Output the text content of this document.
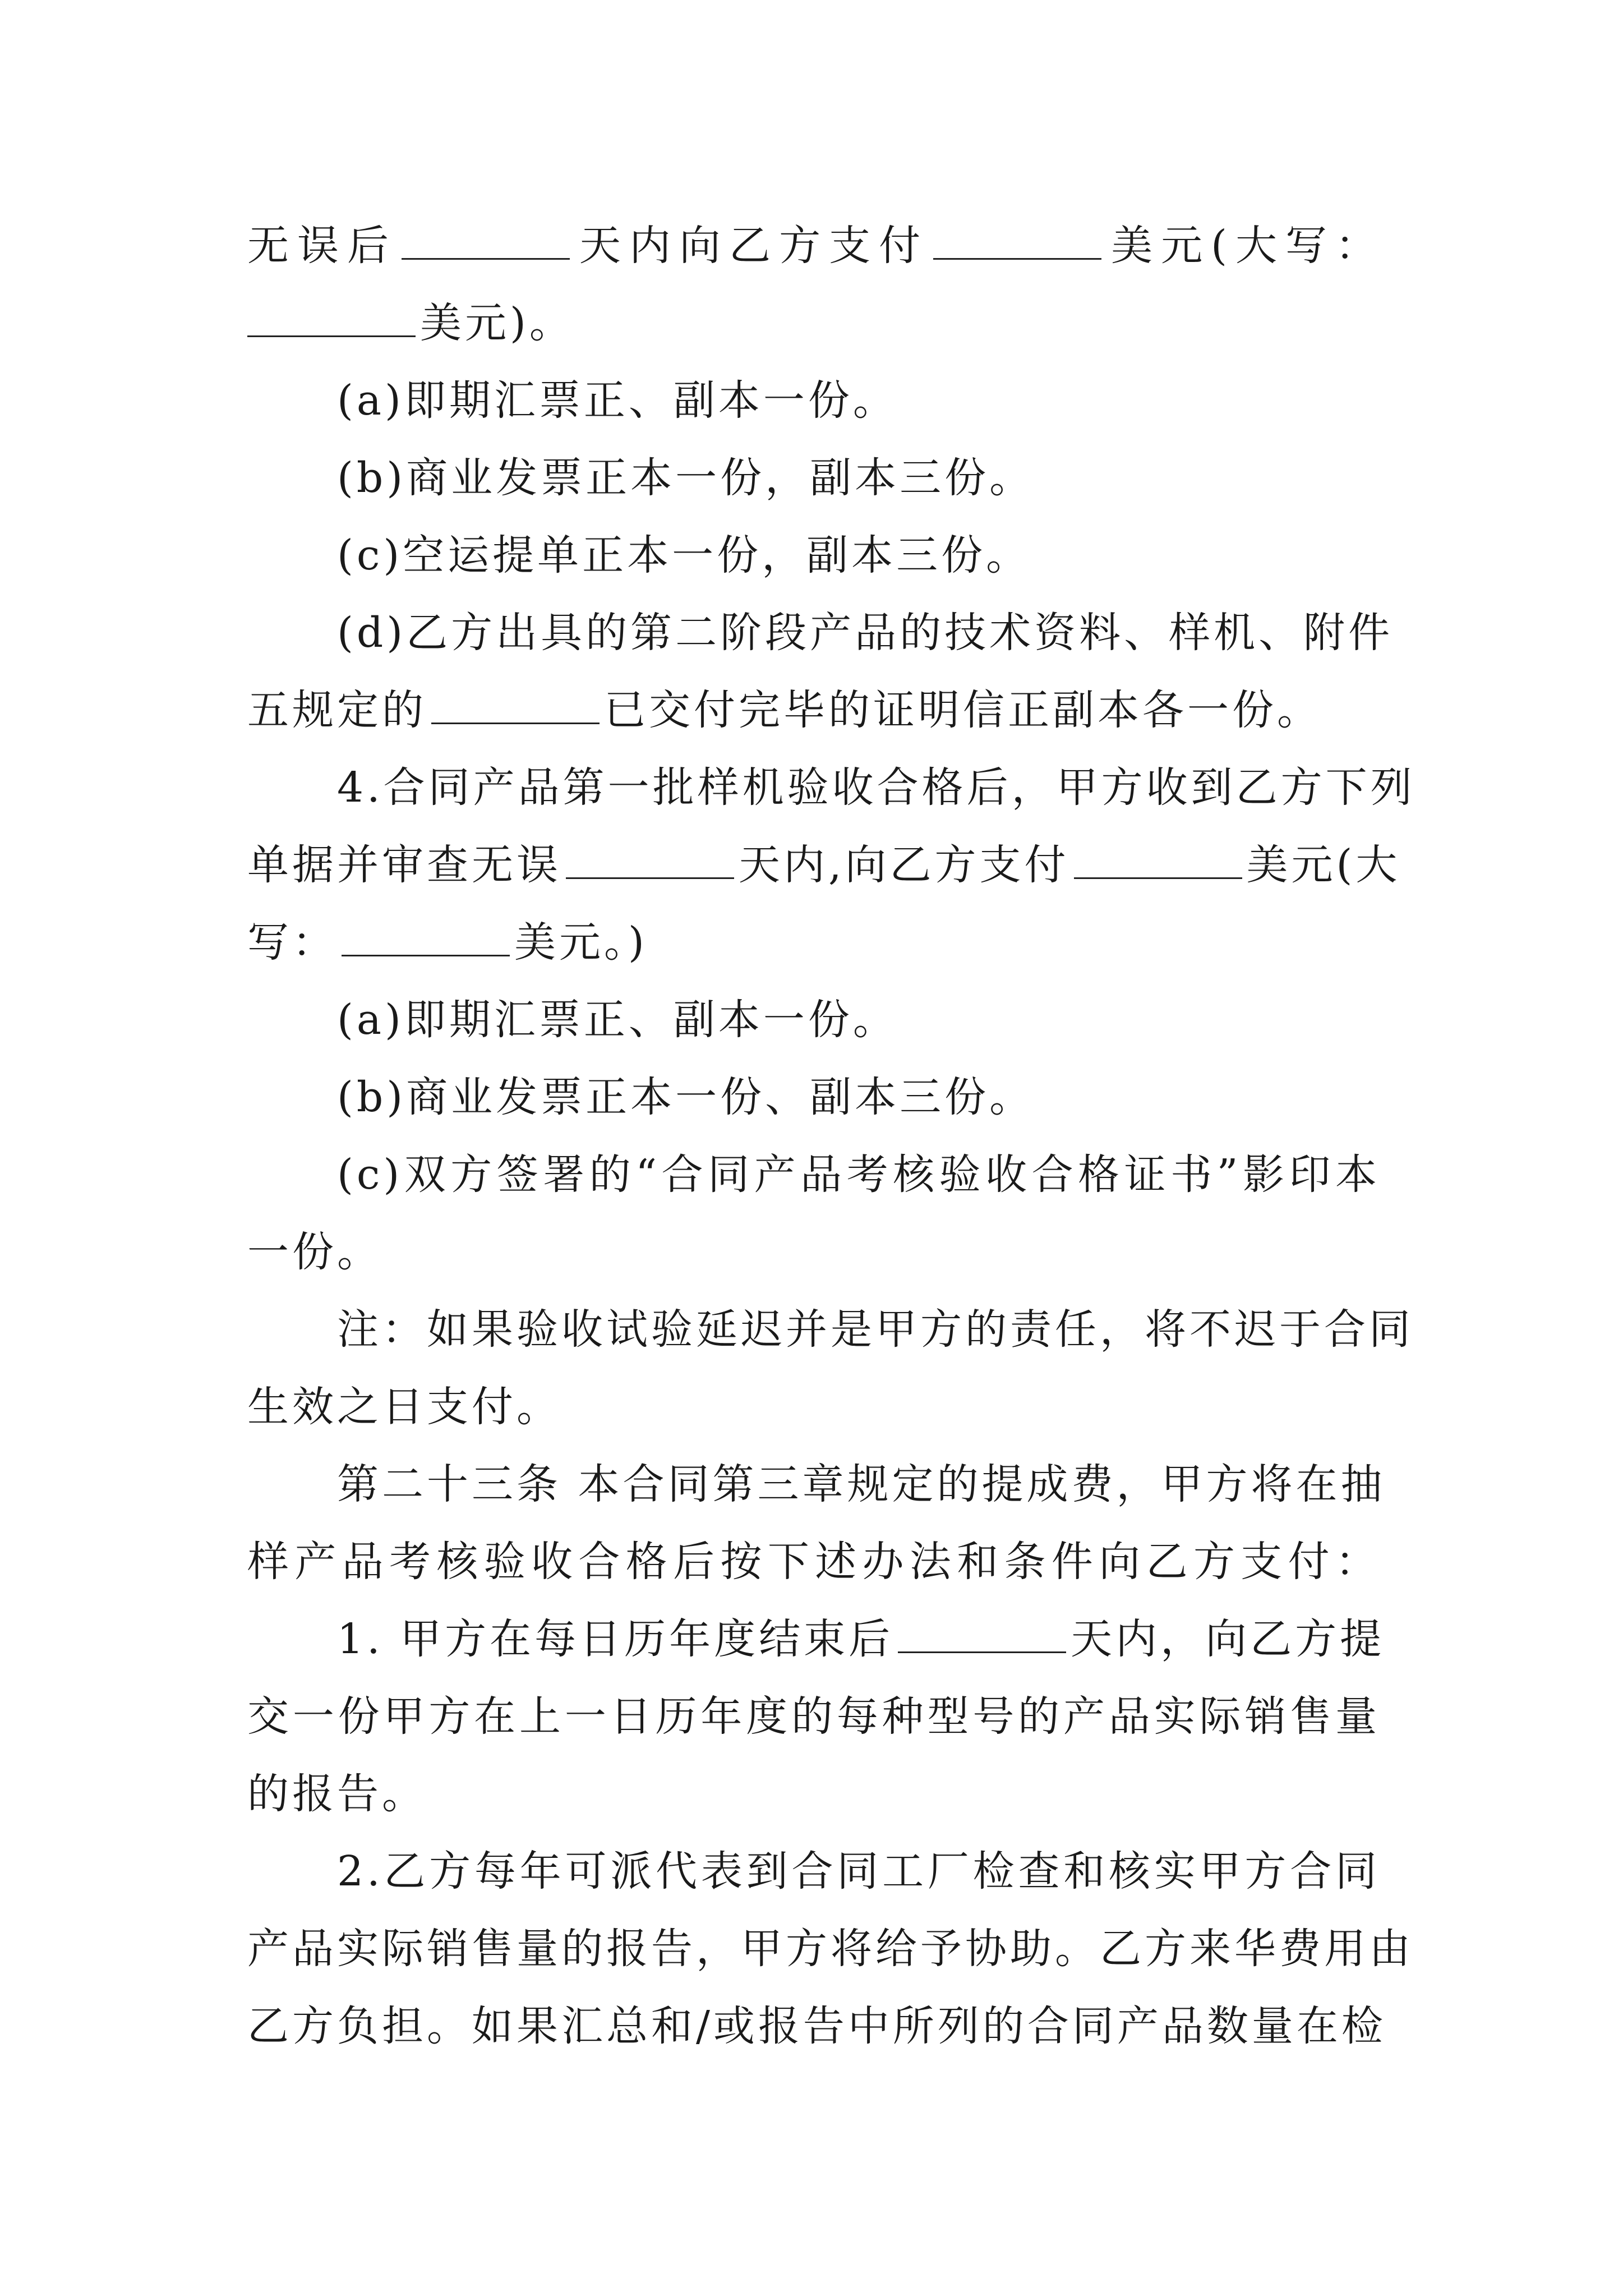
无误后	天内向乙方支付	美元(大写：
美元)。
(a)即期汇票正、副本一份。
(b)商业发票正本一份，副本三份。
(c)空运提单正本一份，副本三份。
(d)乙方出具的第二阶段产品的技术资料、样机、附件
五规定的	已交付完毕的证明信正副本各一份。
4.合同产品第一批样机验收合格后，甲方收到乙方下列
单据并审查无误	天内,向乙方支付	美元(大
写：	美元。)
(a)即期汇票正、副本一份。
(b)商业发票正本一份、副本三份。
(c)双方签署的“合同产品考核验收合格证书”影印本
一份。
注：如果验收试验延迟并是甲方的责任，将不迟于合同
生效之日支付。
第二十三条 本合同第三章规定的提成费，甲方将在抽
样产品考核验收合格后按下述办法和条件向乙方支付：
1. 甲方在每日历年度结束后	天内，向乙方提
交一份甲方在上一日历年度的每种型号的产品实际销售量
的报告。
2.乙方每年可派代表到合同工厂检查和核实甲方合同
产品实际销售量的报告，甲方将给予协助。乙方来华费用由
乙方负担。如果汇总和/或报告中所列的合同产品数量在检
